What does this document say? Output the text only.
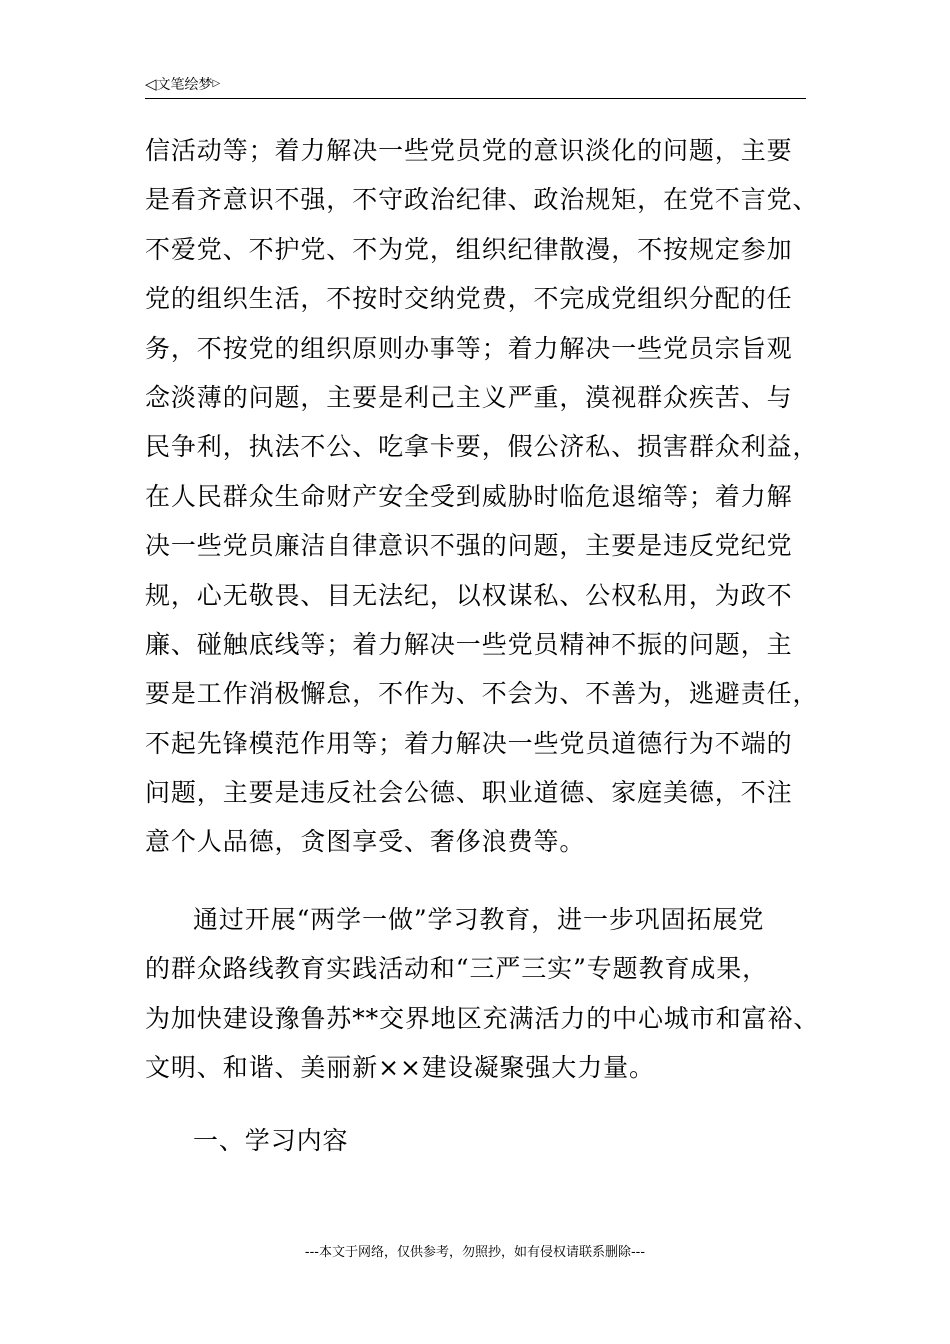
◁文笔绘梦▷
信活动等；着力解决一些党员党的意识淡化的问题，主要
是看齐意识不强，不守政治纪律、政治规矩，在党不言党、
不爱党、不护党、不为党，组织纪律散漫，不按规定参加
党的组织生活，不按时交纳党费，不完成党组织分配的任
务，不按党的组织原则办事等；着力解决一些党员宗旨观
念淡薄的问题，主要是利己主义严重，漠视群众疾苦、与
民争利，执法不公、吃拿卡要，假公济私、损害群众利益，
在人民群众生命财产安全受到威胁时临危退缩等；着力解
决一些党员廉洁自律意识不强的问题，主要是违反党纪党
规，心无敬畏、目无法纪，以权谋私、公权私用，为政不
廉、碰触底线等；着力解决一些党员精神不振的问题，主
要是工作消极懈怠，不作为、不会为、不善为，逃避责任，
不起先锋模范作用等；着力解决一些党员道德行为不端的
问题，主要是违反社会公德、职业道德、家庭美德，不注
意个人品德，贪图享受、奢侈浪费等。
通过开展“两学一做”学习教育，进一步巩固拓展党
的群众路线教育实践活动和“三严三实”专题教育成果，
为加快建设豫鲁苏**交界地区充满活力的中心城市和富裕、
文明、和谐、美丽新××建设凝聚强大力量。
一、学习内容
---本文于网络，仅供参考，勿照抄，如有侵权请联系删除---
